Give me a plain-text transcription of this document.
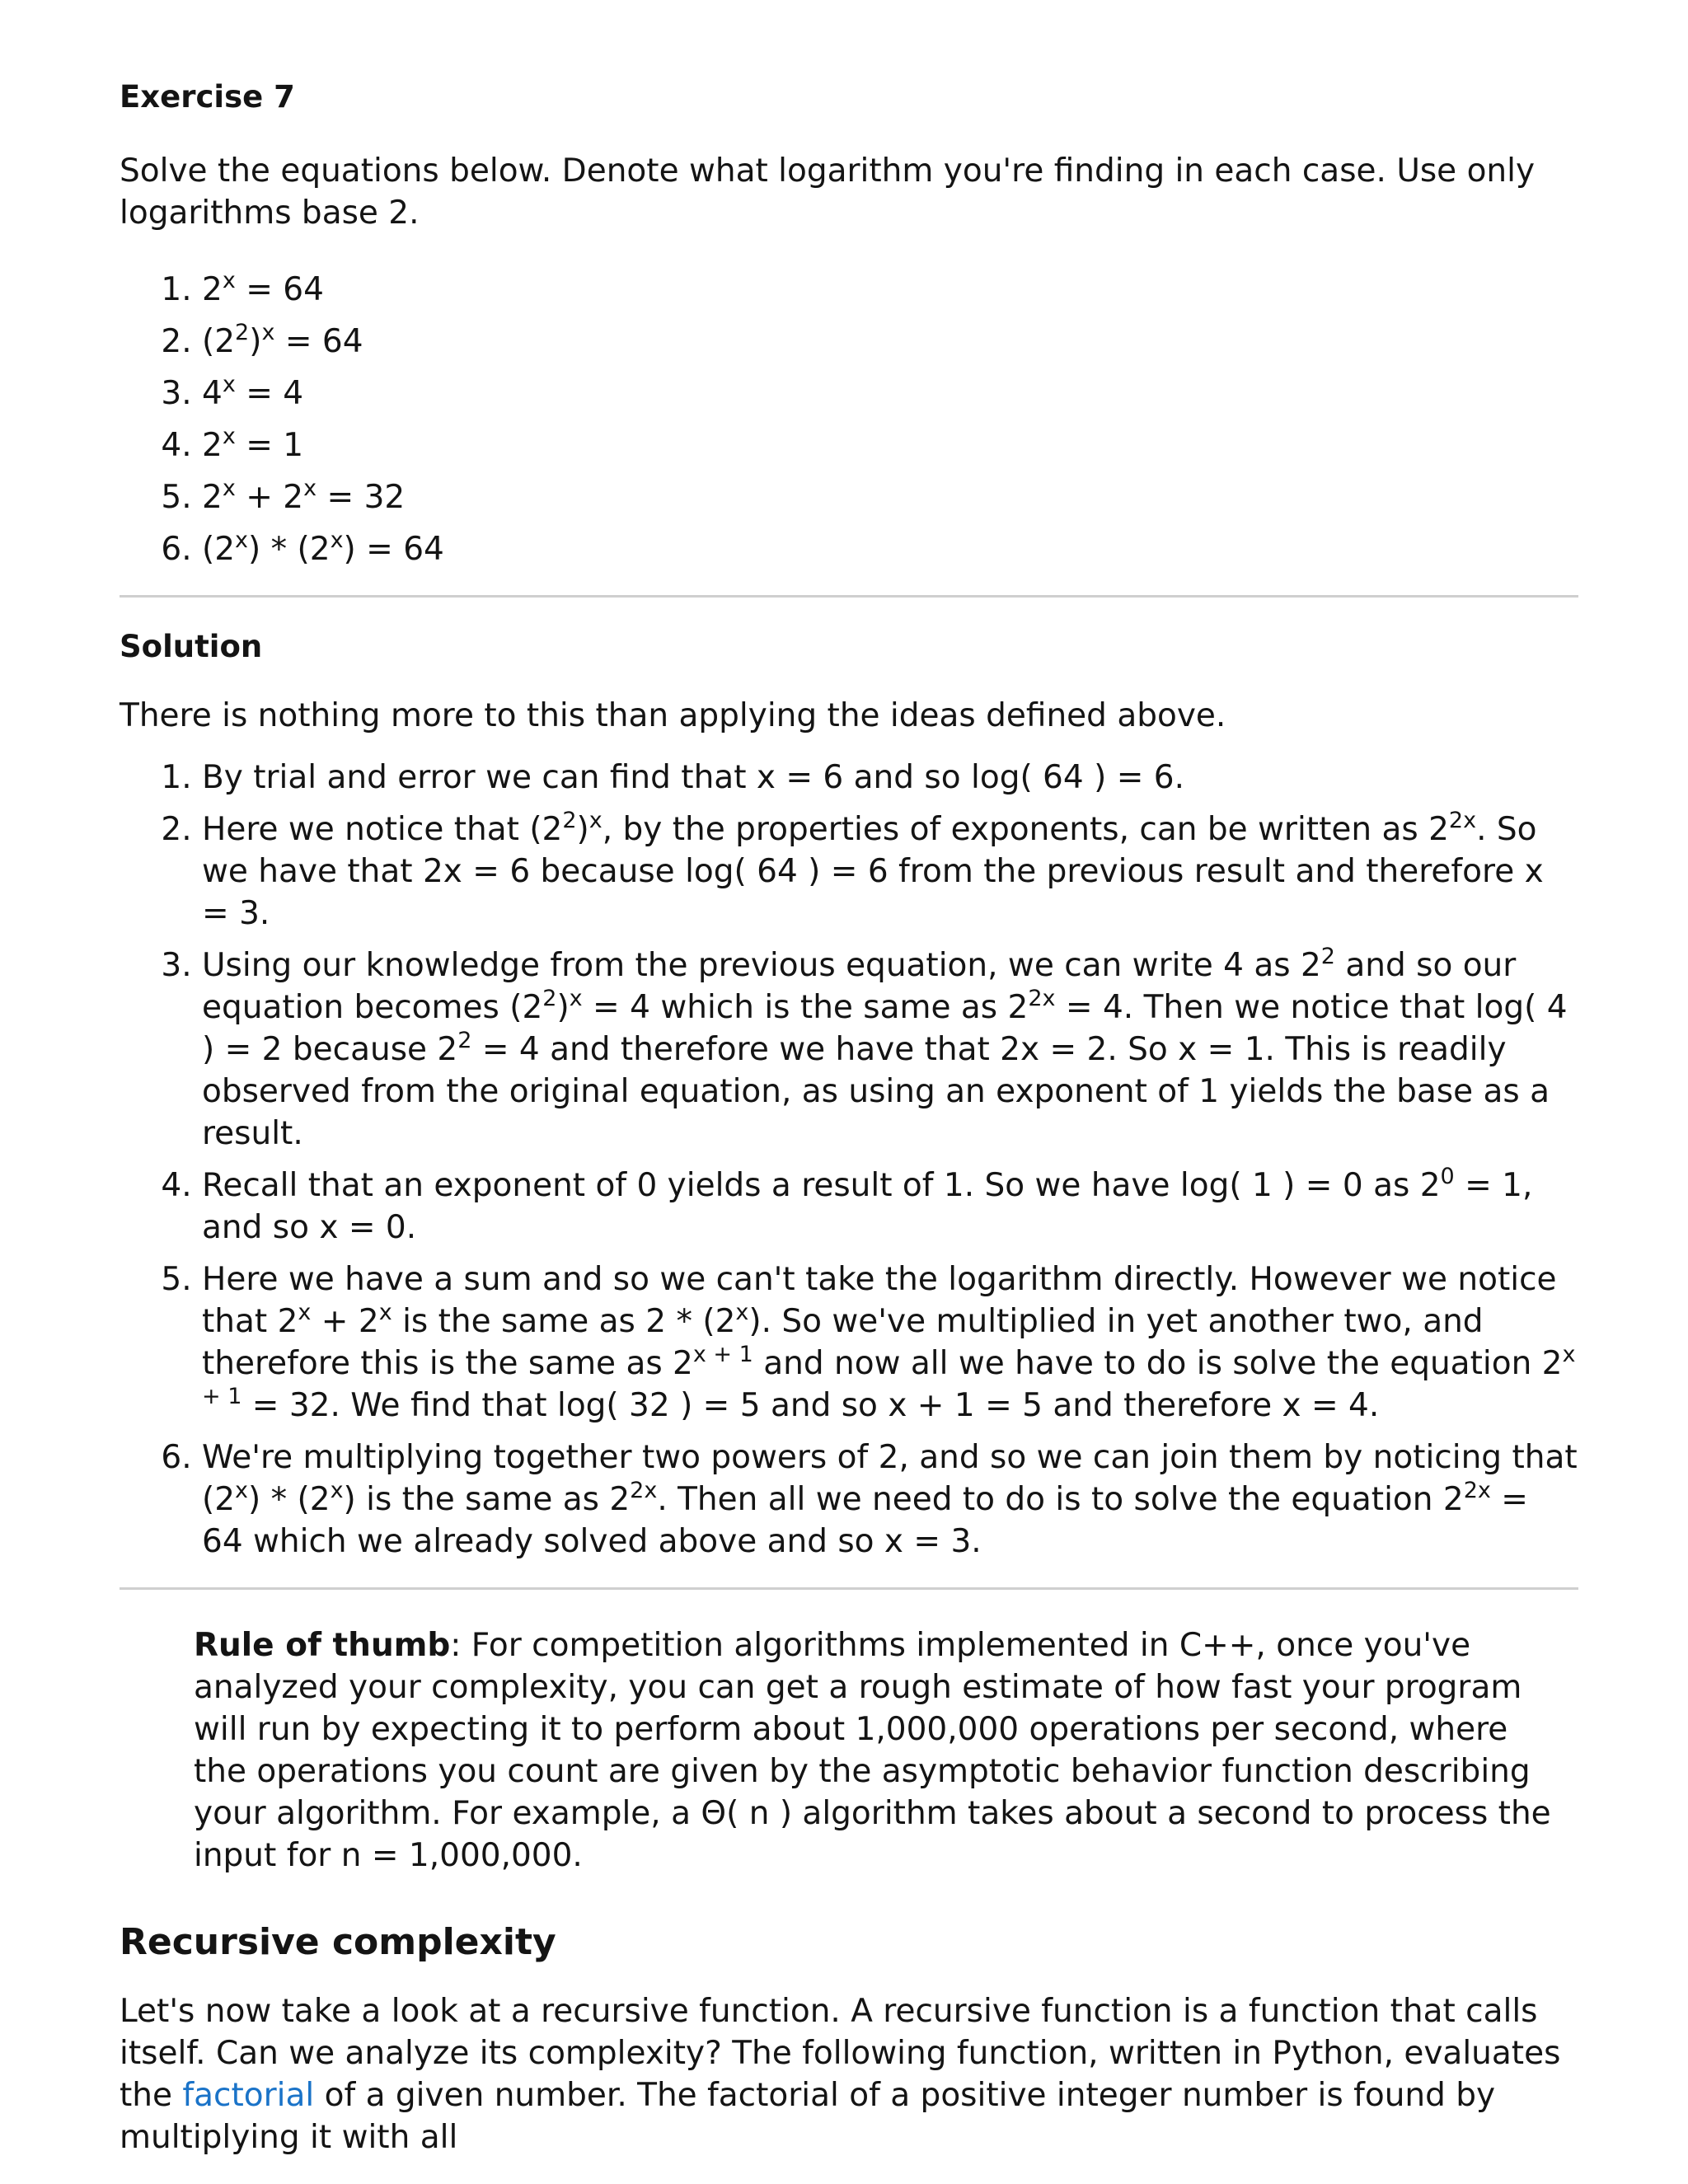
Exercise 7

Solve the equations below. Denote what logarithm you're finding in each case. Use only logarithms base 2.

1. $2^x = 64$
2. $(2^2)^x = 64$
3. $4^x = 4$
4. $2^x = 1$
5. $2^x + 2^x = 32$
6. $(2^x) * (2^x) = 64$
Solution

There is nothing more to this than applying the ideas defined above.

1. By trial and error we can find that x = 6 and so log( 64 ) = 6.
2. Here we notice that $(2^2)^x$, by the properties of exponents, can be written as $2^{2x}$. So we have that 2x = 6 because log( 64 ) = 6 from the previous result and therefore x = 3.
3. Using our knowledge from the previous equation, we can write 4 as $2^2$ and so our equation becomes $(2^2)^x = 4$ which is the same as $2^{2x} = 4$. Then we notice that log( 4 ) = 2 because $2^2 = 4$ and therefore we have that 2x = 2. So x = 1. This is readily observed from the original equation, as using an exponent of 1 yields the base as a result.
4. Recall that an exponent of 0 yields a result of 1. So we have log( 1 ) = 0 as $2^0 = 1$, and so x = 0.
5. Here we have a sum and so we can't take the logarithm directly. However we notice that $2^x + 2^x$ is the same as 2 * (2$^x$). So we've multiplied in yet another two, and therefore this is the same as $2^{x + 1}$ and now all we have to do is solve the equation $2^{x + 1} = 32$. We find that log( 32 ) = 5 and so x + 1 = 5 and therefore x = 4.
6. We're multiplying together two powers of 2, and so we can join them by noticing that (2$^x$) * (2$^x$) is the same as $2^{2x}$. Then all we need to do is to solve the equation $2^{2x} = 64$ which we already solved above and so x = 3.

Rule of thumb: For competition algorithms implemented in C++, once you've analyzed your complexity, you can get a rough estimate of how fast your program will run by expecting it to perform about 1,000,000 operations per second, where the operations you count are given by the asymptotic behavior function describing your algorithm. For example, a Θ( n ) algorithm takes about a second to process the input for n = 1,000,000.

Recursive complexity

Let's now take a look at a recursive function. A recursive function is a function that calls itself. Can we analyze its complexity? The following function, written in Python, evaluates the factorial of a given number. The factorial of a positive integer number is found by multiplying it with all
